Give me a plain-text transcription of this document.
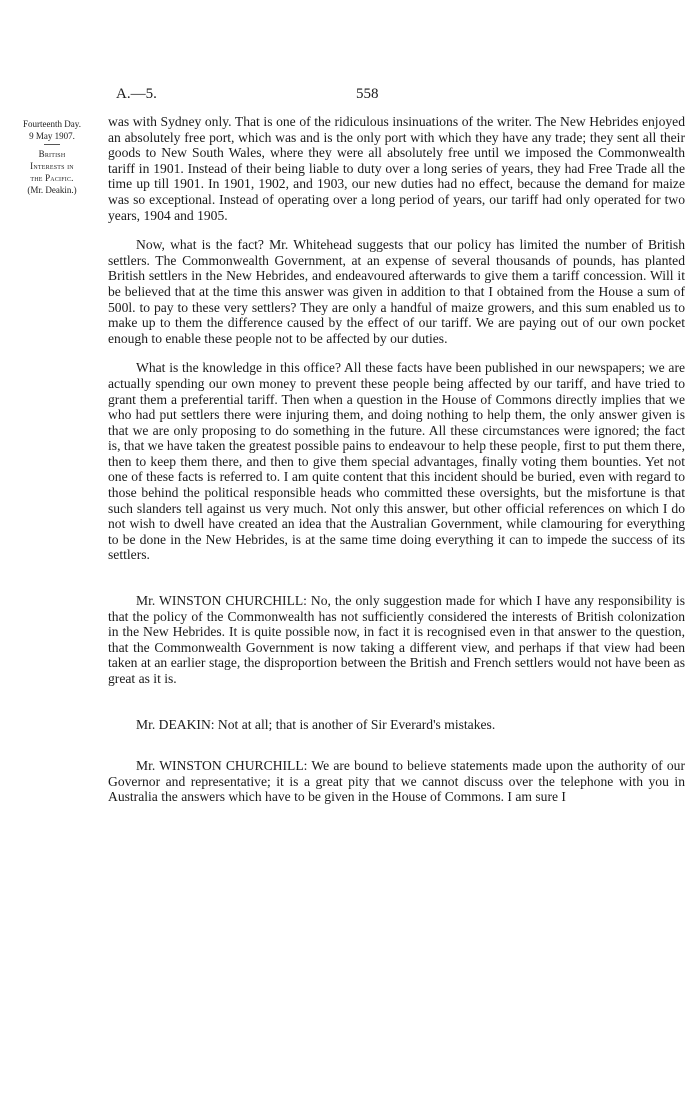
A.—5.	558
Fourteenth Day.
9 May 1907.
British
Interests in
the Pacific.
(Mr. Deakin.)

was with Sydney only. That is one of the ridiculous insinuations of the writer. The New Hebrides enjoyed an absolutely free port, which was and is the only port with which they have any trade; they sent all their goods to New South Wales, where they were all absolutely free until we imposed the Commonwealth tariff in 1901. Instead of their being liable to duty over a long series of years, they had Free Trade all the time up till 1901. In 1901, 1902, and 1903, our new duties had no effect, because the demand for maize was so exceptional. Instead of operating over a long period of years, our tariff had only operated for two years, 1904 and 1905.

Now, what is the fact? Mr. Whitehead suggests that our policy has limited the number of British settlers. The Commonwealth Government, at an expense of several thousands of pounds, has planted British settlers in the New Hebrides, and endeavoured afterwards to give them a tariff concession. Will it be believed that at the time this answer was given in addition to that I obtained from the House a sum of 500l. to pay to these very settlers? They are only a handful of maize growers, and this sum enabled us to make up to them the difference caused by the effect of our tariff. We are paying out of our own pocket enough to enable these people not to be affected by our duties.

What is the knowledge in this office? All these facts have been published in our newspapers; we are actually spending our own money to prevent these people being affected by our tariff, and have tried to grant them a preferential tariff. Then when a question in the House of Commons directly implies that we who had put settlers there were injuring them, and doing nothing to help them, the only answer given is that we are only proposing to do something in the future. All these circumstances were ignored; the fact is, that we have taken the greatest possible pains to endeavour to help these people, first to put them there, then to keep them there, and then to give them special advantages, finally voting them bounties. Yet not one of these facts is referred to. I am quite content that this incident should be buried, even with regard to those behind the political responsible heads who committed these oversights, but the misfortune is that such slanders tell against us very much. Not only this answer, but other official references on which I do not wish to dwell have created an idea that the Australian Government, while clamouring for everything to be done in the New Hebrides, is at the same time doing everything it can to impede the success of its settlers.

Mr. WINSTON CHURCHILL: No, the only suggestion made for which I have any responsibility is that the policy of the Commonwealth has not sufficiently considered the interests of British colonization in the New Hebrides. It is quite possible now, in fact it is recognised even in that answer to the question, that the Commonwealth Government is now taking a different view, and perhaps if that view had been taken at an earlier stage, the disproportion between the British and French settlers would not have been as great as it is.

Mr. DEAKIN: Not at all; that is another of Sir Everard's mistakes.

Mr. WINSTON CHURCHILL: We are bound to believe statements made upon the authority of our Governor and representative; it is a great pity that we cannot discuss over the telephone with you in Australia the answers which have to be given in the House of Commons. I am sure I
